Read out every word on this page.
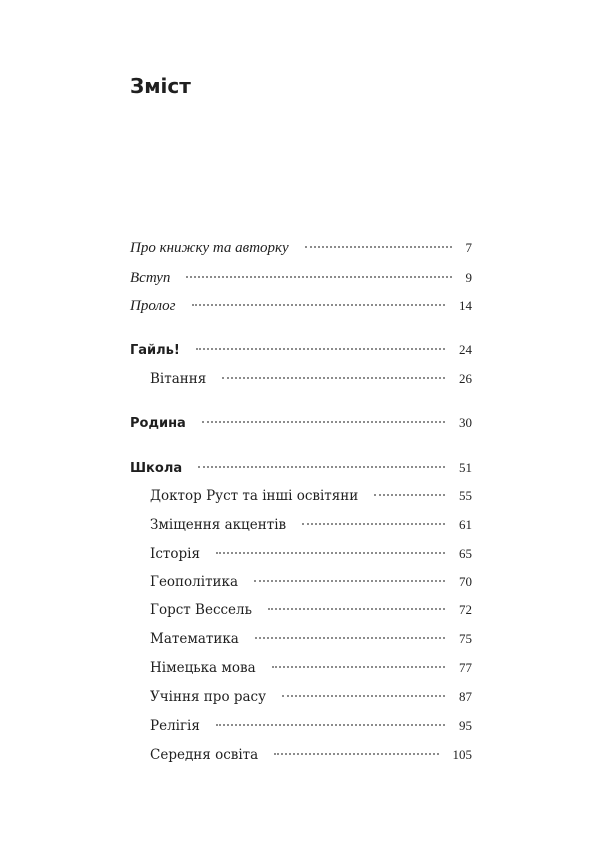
Зміст
Про книжку та авторку	7
Вступ	9
Пролог	14
Гайль!	24
Вітання	26
Родина	30
Школа	51
Доктор Руст та інші освітяни	55
Зміщення акцентів	61
Історія	65
Геополітика	70
Горст Вессель	72
Математика	75
Німецька мова	77
Учіння про расу	87
Релігія	95
Середня освіта	105
